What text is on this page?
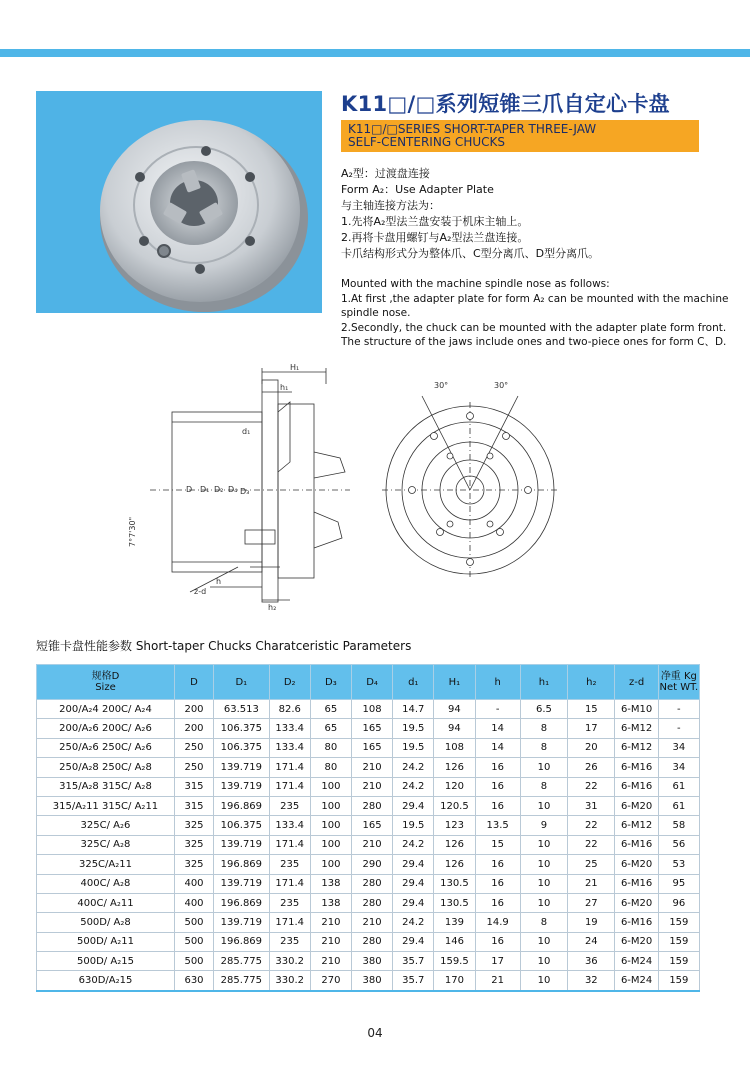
K11□/□系列短锥三爪自定心卡盘
K11□/□SERIES SHORT-TAPER THREE-JAW
SELF-CENTERING CHUCKS
A₂型：过渡盘连接
Form A₂：Use Adapter Plate
与主轴连接方法为：
1.先将A₂型法兰盘安装于机床主轴上。
2.再将卡盘用螺钉与A₂型法兰盘连接。
卡爪结构形式分为整体爪、C型分离爪、D型分离爪。
Mounted with the machine spindle nose as follows:
1.At first ,the adapter plate for form A₂ can be mounted with the machine
spindle nose.
2.Secondly, the chuck can be mounted with the adapter plate form front.
The structure of the jaws include ones and two-piece ones for form C、D.
H₁
h₁
d₁
D D₁ D₂ D₄ D₃
z-d
h₂
h
7°7'30"
30°	30°
短锥卡盘性能参数 Short-taper Chucks Charatceristic Parameters
规格D
Size	D	D₁	D₂	D₃	D₄	d₁	H₁	h	h₁	h₂	z-d	净重 Kg
Net WT.
200/A₂4 200C/ A₂4	200	63.513	82.6	65	108	14.7	94	-	6.5	15	6-M10	-
200/A₂6 200C/ A₂6	200	106.375	133.4	65	165	19.5	94	14	8	17	6-M12	-
250/A₂6 250C/ A₂6	250	106.375	133.4	80	165	19.5	108	14	8	20	6-M12	34
250/A₂8 250C/ A₂8	250	139.719	171.4	80	210	24.2	126	16	10	26	6-M16	34
315/A₂8 315C/ A₂8	315	139.719	171.4	100	210	24.2	120	16	8	22	6-M16	61
315/A₂11 315C/ A₂11	315	196.869	235	100	280	29.4	120.5	16	10	31	6-M20	61
325C/ A₂6	325	106.375	133.4	100	165	19.5	123	13.5	9	22	6-M12	58
325C/ A₂8	325	139.719	171.4	100	210	24.2	126	15	10	22	6-M16	56
325C/A₂11	325	196.869	235	100	290	29.4	126	16	10	25	6-M20	53
400C/ A₂8	400	139.719	171.4	138	280	29.4	130.5	16	10	21	6-M16	95
400C/ A₂11	400	196.869	235	138	280	29.4	130.5	16	10	27	6-M20	96
500D/ A₂8	500	139.719	171.4	210	210	24.2	139	14.9	8	19	6-M16	159
500D/ A₂11	500	196.869	235	210	280	29.4	146	16	10	24	6-M20	159
500D/ A₂15	500	285.775	330.2	210	380	35.7	159.5	17	10	36	6-M24	159
630D/A₂15	630	285.775	330.2	270	380	35.7	170	21	10	32	6-M24	159
04
